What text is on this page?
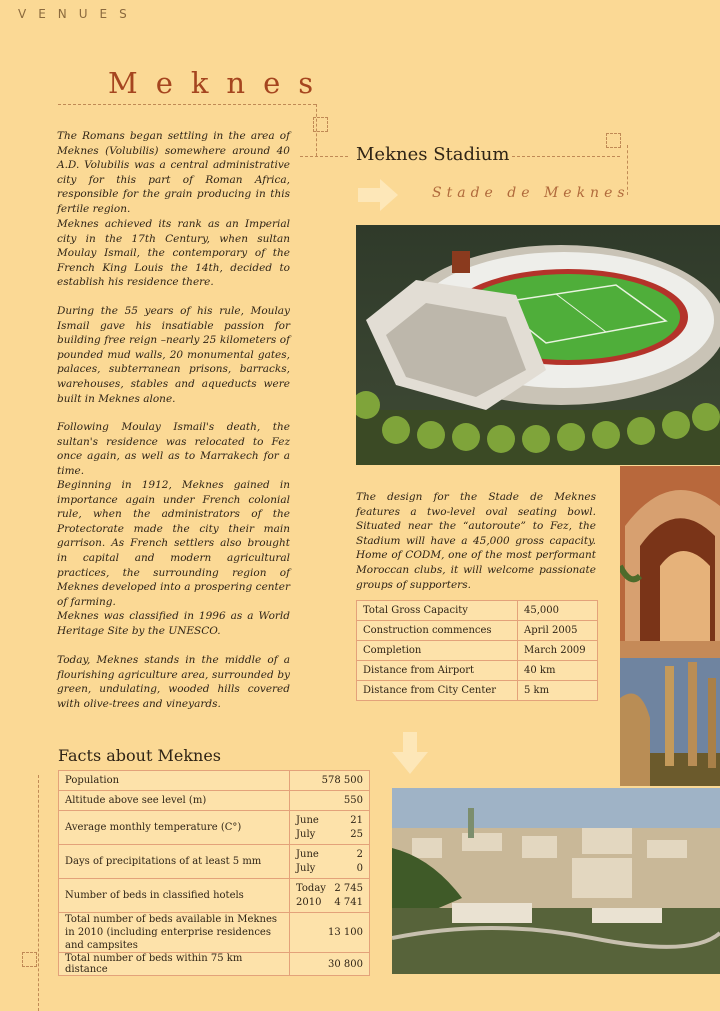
VENUES
Meknes

The Romans began settling in the area of Meknes (Volubilis) somewhere around 40 A.D. Volubilis was a central administrative city for this part of Roman Africa, responsible for the grain producing in this fertile region.

Meknes achieved its rank as an Imperial city in the 17th Century, when sultan Moulay Ismail, the contemporary of the French King Louis the 14th, decided to establish his residence there.

During the 55 years of his rule, Moulay Ismail gave his insatiable passion for building free reign –nearly 25 kilometers of pounded mud walls, 20 monumental gates, palaces, subterranean prisons, barracks, warehouses, stables and aqueducts were built in Meknes alone.

Following Moulay Ismail's death, the sultan's residence was relocated to Fez once again, as well as to Marrakech for a time.

Beginning in 1912, Meknes gained in importance again under French colonial rule, when the administrators of the Protectorate made the city their main garrison. As French settlers also brought in capital and modern agricultural practices, the surrounding region of Meknes developed into a prospering center of farming.

Meknes was classified in 1996 as a World Heritage Site by the UNESCO.

Today, Meknes stands in the middle of a flourishing agriculture area, surrounded by green, undulating, wooded hills covered with olive-trees and vineyards.

Meknes Stadium
Stade de Meknes

The design for the Stade de Meknes features a two-level oval seating bowl. Situated near the “autoroute” to Fez, the Stadium will have a 45,000 gross capacity. Home of CODM, one of the most performant Moroccan clubs, it will welcome passionate groups of supporters.

Total Gross Capacity	45,000
Construction commences	April 2005
Completion	March 2009
Distance from Airport	40 km
Distance from City Center	5 km
Facts about Meknes
Population	578 500
Altitude above see level (m)	550
Average monthly temperature (C°)	June 21
July 25

Days of precipitations of at least 5 mm	June 2
July 0

Number of beds in classified hotels	Today 2 745
2010 4 741

Total number of beds available in Meknes in 2010 (including enterprise residences and campsites	13 100
Total number of beds within 75 km distance	30 800
